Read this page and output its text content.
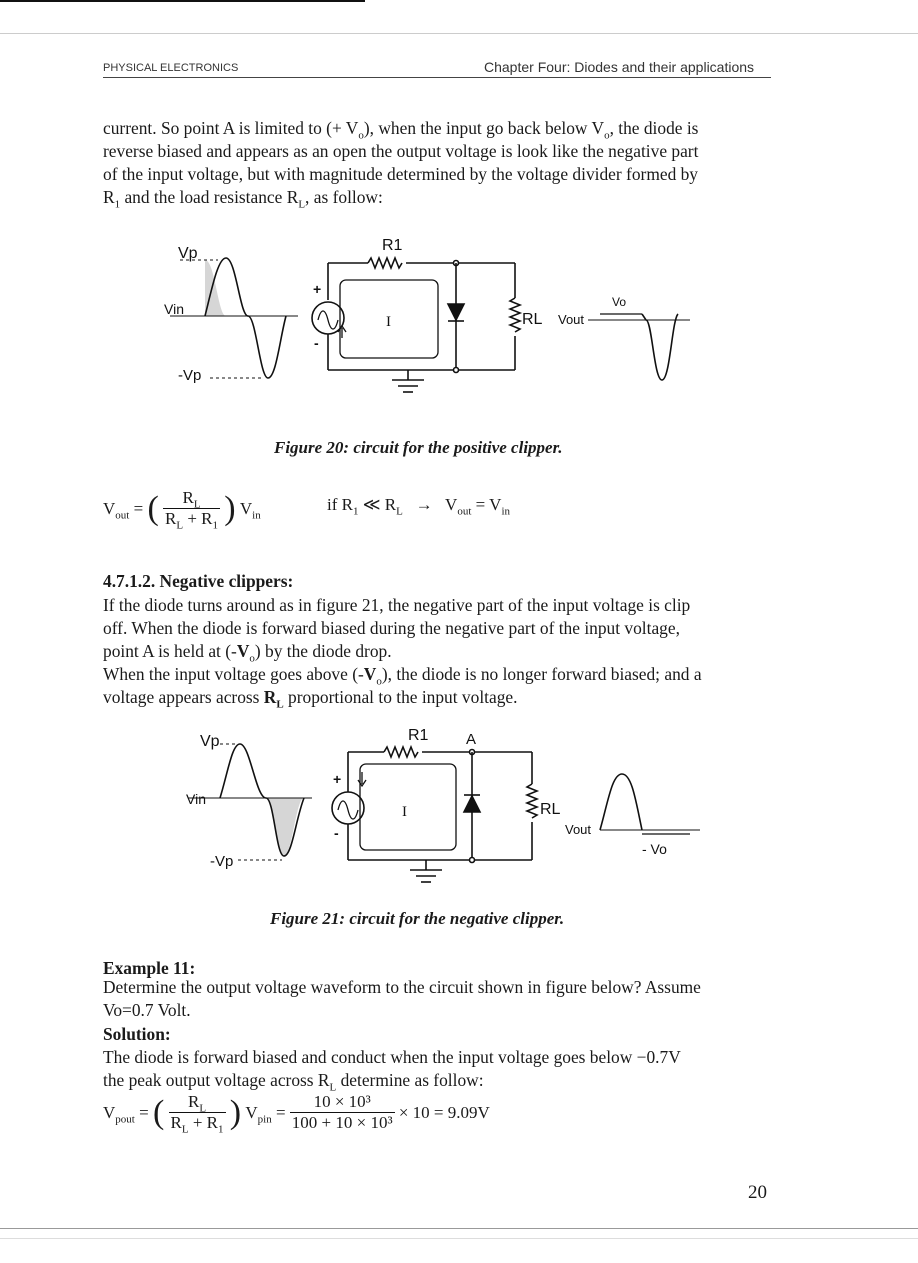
PHYSICAL ELECTRONICS	Chapter Four: Diodes and their applications
current. So point A is limited to (+ $V_o$), when the input go back below $V_o$, the diode is
reverse biased and appears as an open the output voltage is look like the negative part
of the input voltage, but with magnitude determined by the voltage divider formed by
$R_1$ and the load resistance $R_L$, as follow:
Vp
Vin
-Vp
R1
I
+
-
RL Vout
Vo
Figure 20: circuit for the positive clipper.
$V_{out}$ = ( $\frac{R_L}{R_L + R_1}$ ) $V_{in}$
if $R_1$ ≪ $R_L \to V_{out} = V_{in}$
4.7.1.2. Negative clippers:
If the diode turns around as in figure 21, the negative part of the input voltage is clip
off. When the diode is forward biased during the negative part of the input voltage,
point A is held at $(-V_o)$ by the diode drop.
When the input voltage goes above $(-V_o)$, the diode is no longer forward biased; and a
voltage appears across $R_L$ proportional to the input voltage.
Vp
Vin
-Vp
R1	A
I
+
-
RL
Vout
- Vo
Figure 21: circuit for the negative clipper.
Example 11:
Determine the output voltage waveform to the circuit shown in figure below? Assume
Vo=0.7 Volt.
Solution:
The diode is forward biased and conduct when the input voltage goes below −0.7V
the peak output voltage across $R_L$ determine as follow:
$V_{pout}$ = ( $\frac{R_L}{R_L + R_1}$ ) $V_{pin} = \frac{\text{10 × 10³}}{\text{100 + 10 × 10³}} \times 10 = 9.09V$
20
